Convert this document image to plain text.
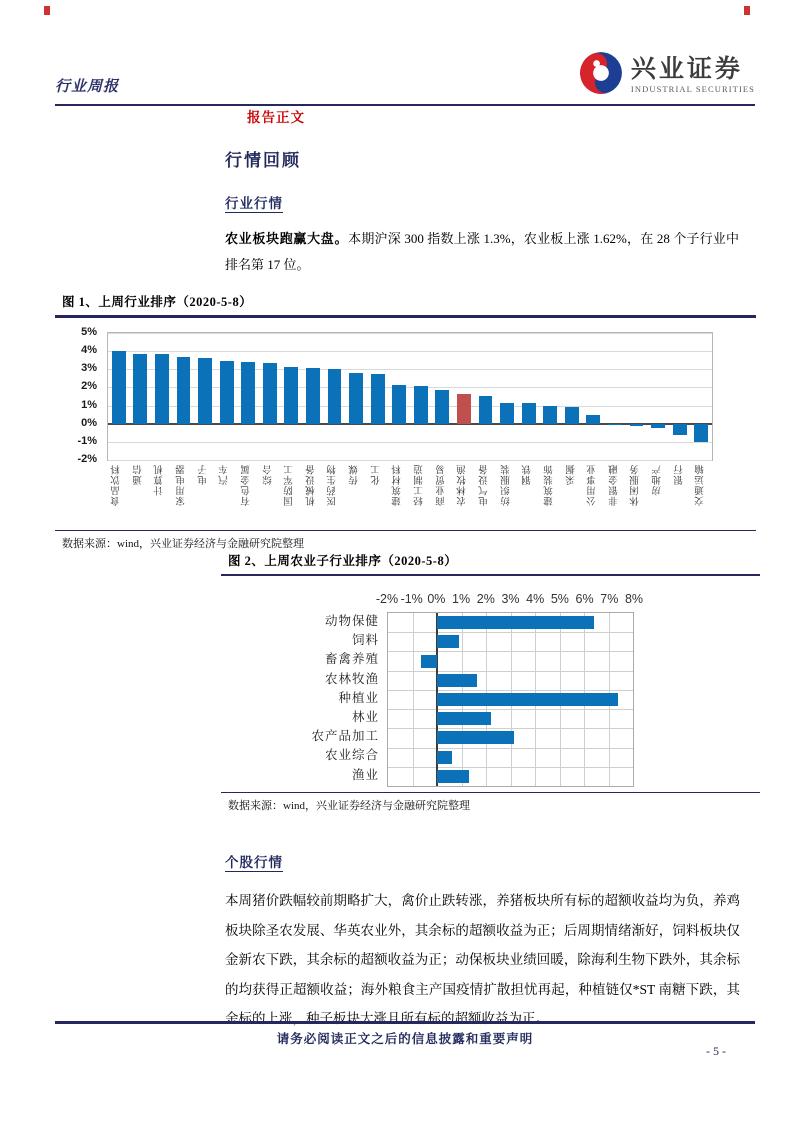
行业周报
兴业证券
INDUSTRIAL SECURITIES
报告正文
行情回顾
行业行情
农业板块跑赢大盘。本期沪深 300 指数上涨 1.3%，农业板上涨 1.62%，在 28 个子行业中排名第 17 位。
图 1、上周行业排序（2020-5-8）
5%
4%
3%
2%
1%
0%
-1%
-2%
食品饮料 通信 计算机 家用电器 电子 汽车 有色金属 综合 国防军工 机械设备 医药生物 传媒 化工 建筑材料 轻工制造 商业贸易 农林牧渔 电气设备 纺织服装 钢铁 建筑装饰 采掘 公用事业 非银金融 休闲服务 房地产 银行 交通运输
数据来源：wind，兴业证券经济与金融研究院整理
图 2、上周农业子行业排序（2020-5-8）
-2% -1% 0% 1% 2% 3% 4% 5% 6% 7% 8%
动物保健
饲料
畜禽养殖
农林牧渔
种植业
林业
农产品加工
农业综合
渔业
数据来源：wind，兴业证券经济与金融研究院整理
个股行情
本周猪价跌幅较前期略扩大，禽价止跌转涨，养猪板块所有标的超额收益均为负，养鸡板块除圣农发展、华英农业外，其余标的超额收益为正；后周期情绪渐好，饲料板块仅金新农下跌，其余标的超额收益为正；动保板块业绩回暖，除海利生物下跌外，其余标的均获得正超额收益；海外粮食主产国疫情扩散担忧再起，种植链仅*ST 南糖下跌，其余标的上涨，种子板块大涨且所有标的超额收益为正。
请务必阅读正文之后的信息披露和重要声明
- 5 -
